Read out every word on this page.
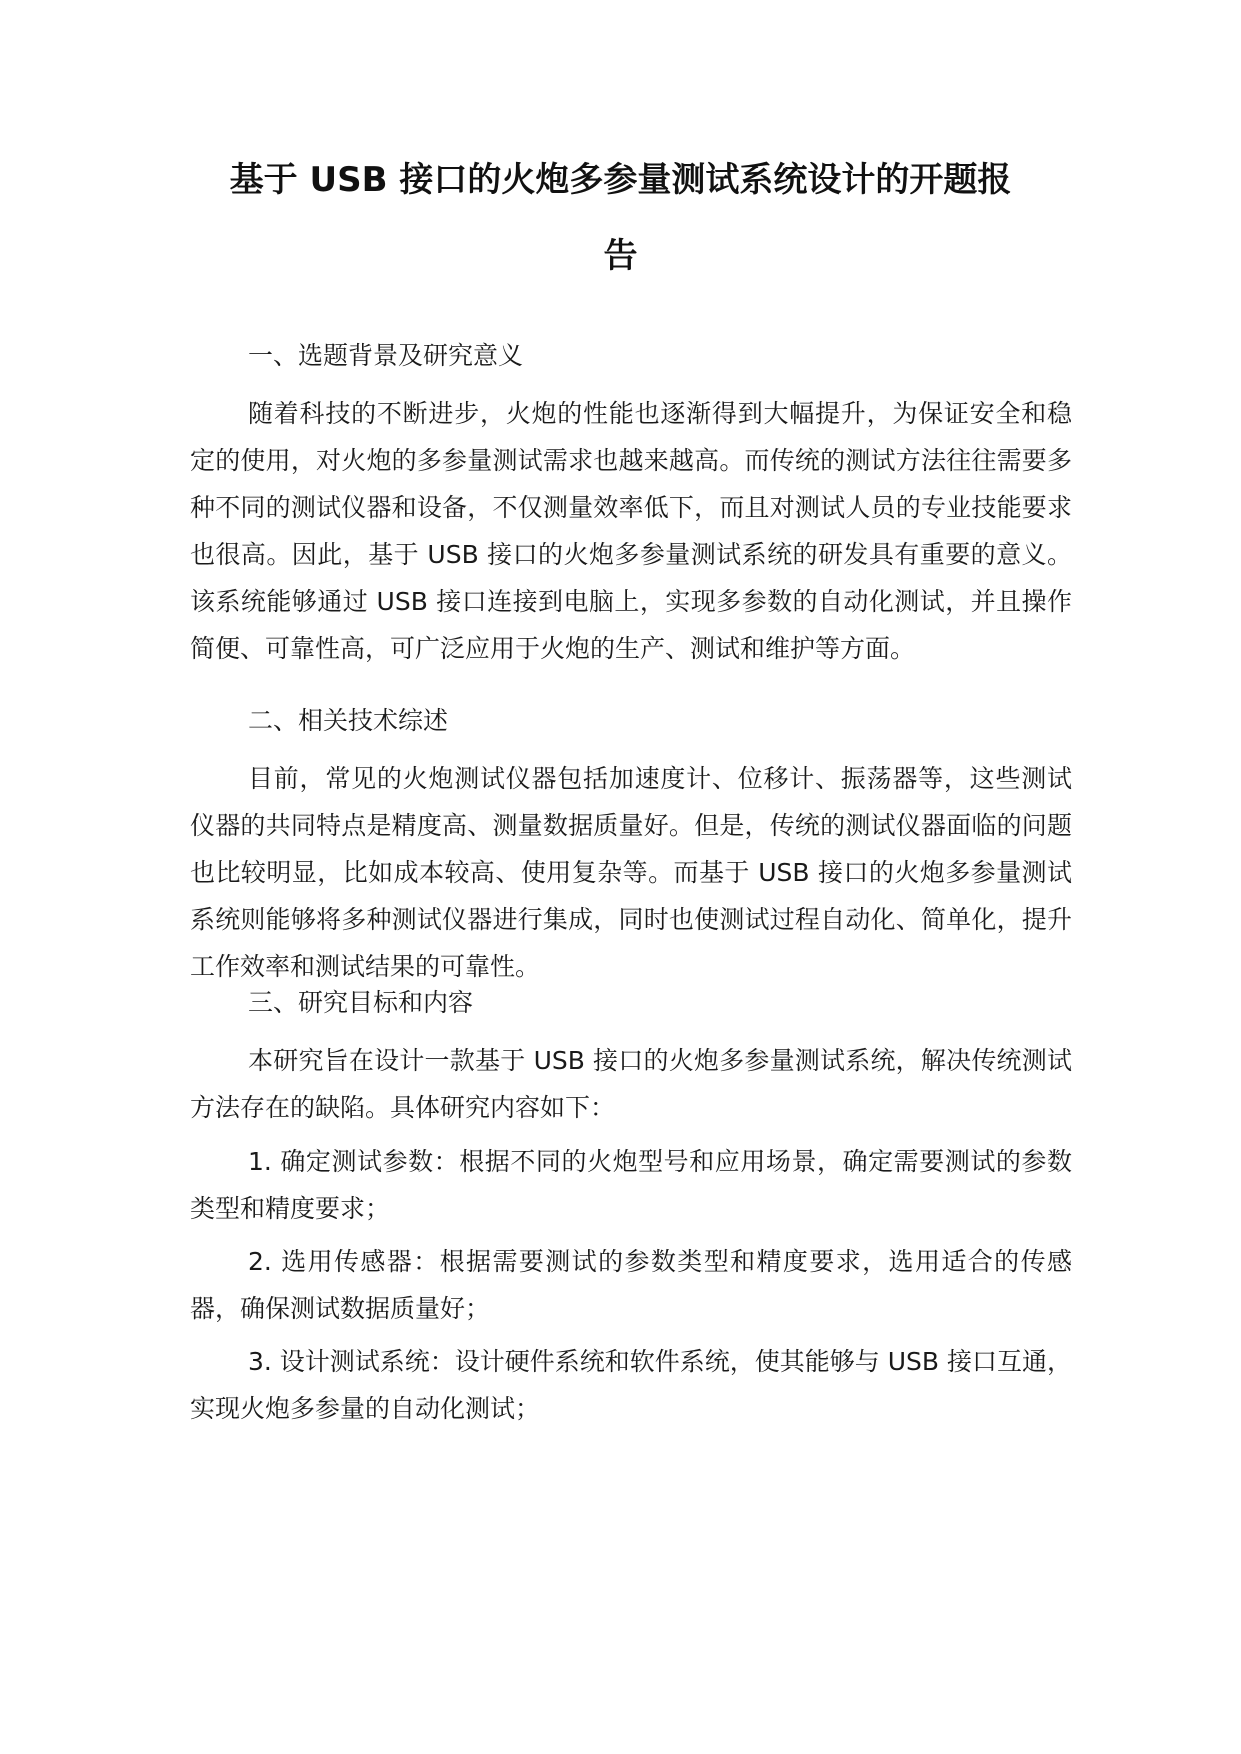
基于 USB 接口的火炮多参量测试系统设计的开题报
告
一、选题背景及研究意义

随着科技的不断进步，火炮的性能也逐渐得到大幅提升，为保证安全和稳定的使用，对火炮的多参量测试需求也越来越高。而传统的测试方法往往需要多种不同的测试仪器和设备，不仅测量效率低下，而且对测试人员的专业技能要求也很高。因此，基于 USB 接口的火炮多参量测试系统的研发具有重要的意义。该系统能够通过 USB 接口连接到电脑上，实现多参数的自动化测试，并且操作简便、可靠性高，可广泛应用于火炮的生产、测试和维护等方面。

二、相关技术综述

目前，常见的火炮测试仪器包括加速度计、位移计、振荡器等，这些测试仪器的共同特点是精度高、测量数据质量好。但是，传统的测试仪器面临的问题也比较明显，比如成本较高、使用复杂等。而基于 USB 接口的火炮多参量测试系统则能够将多种测试仪器进行集成，同时也使测试过程自动化、简单化，提升工作效率和测试结果的可靠性。

三、研究目标和内容

本研究旨在设计一款基于 USB 接口的火炮多参量测试系统，解决传统测试方法存在的缺陷。具体研究内容如下：

1. 确定测试参数：根据不同的火炮型号和应用场景，确定需要测试的参数类型和精度要求；

2. 选用传感器：根据需要测试的参数类型和精度要求，选用适合的传感器，确保测试数据质量好；

3. 设计测试系统：设计硬件系统和软件系统，使其能够与 USB 接口互通，实现火炮多参量的自动化测试；
